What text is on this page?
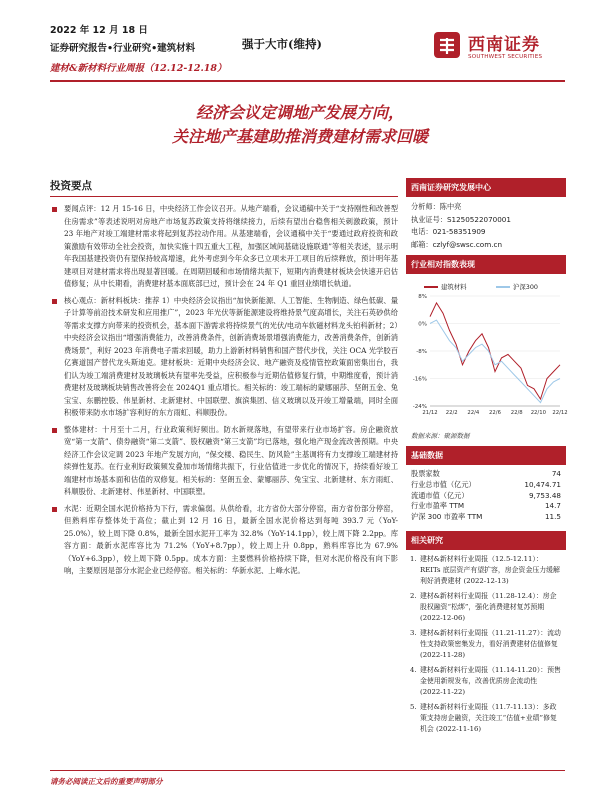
2022 年 12 月 18 日
证券研究报告•行业研究•建筑材料	强于大市(维持)
建材&新材料行业周报（12.12-12.18）
西南证券
SOUTHWEST SECURITIES
经济会议定调地产发展方向，
关注地产基建助推消费建材需求回暖
投资要点
要闻点评：12 月 15-16 日，中央经济工作会议召开。从地产端看，会议通稿中关于“支持刚性和改善型住房需求”等表述说明对房地产市场复苏政策支持将继续接力，后续有望出台稳售相关刺激政策，预计 23 年地产对竣工端建材需求将起到复苏拉动作用。从基建端看，会议通稿中关于“要通过政府投资和政策激励有效带动全社会投资，加快实施十四五重大工程，加强区域间基础设施联通”等相关表述，显示明年我国基建投资仍有望保持较高增速，此外考虑到今年众多已立项未开工项目的后续释放，预计明年基建项目对建材需求将出现显著回暖。在周期回暖和市场情绪共振下，短期内消费建材板块会快速开启估值修复；从中长期看，消费建材基本面底部已过，预计会在 24 年 Q1 重回业绩增长轨道。
核心观点：新材料板块：推荐 1）中央经济会议指出“加快新能源、人工智能、生物制造、绿色低碳、量子计算等前沿技术研发和应用推广”，2023 年光伏等新能源建设将维持景气度高增长，关注石英砂供给等需求支撑方向带来的投资机会，基本面下游需求将持续景气的光伏/电动车软磁材料龙头铂科新材；2）中央经济会议指出“增强消费能力，改善消费条件，创新消费场景增强消费能力，改善消费条件，创新消费场景”，利好 2023 年消费电子需求回暖，助力上游新材料销售和国产替代步伐，关注 OCA 光学胶百亿赛道国产替代龙头斯迪克。建材板块：近期中央经济会议、地产融资及疫情管控政策面密集出台，我们认为竣工端消费建材及玻璃板块有望率先受益，应积极参与近期估值修复行情，中期维度看，预计消费建材及玻璃板块销售改善将会在 2024Q1 重点增长。相关标的：竣工端标的蒙娜丽莎、坚朗五金、兔宝宝、东鹏控股、伟星新材、北新建材、中国联塑、旗滨集团、信义玻璃以及开竣工增量端，同时全面积极带来防水市场扩容利好的东方雨虹、科顺股份。
整体建材：十月至十二月，行业政策利好频出。防水新规落地，有望带来行业市场扩容。房企融资放宽“第一支箭”、债券融资“第二支箭”、股权融资“第三支箭”均已落地，强化地产现金流改善预期。中央经济工作会议定调 2023 年地产发展方向，“保交楼、稳民生、防风险”主基调将有力支撑竣工端建材持续弹性复苏。在行业利好政策频发叠加市场情绪共振下，行业估值进一步优化的情况下，持续看好竣工端建材市场基本面和估值的双修复。相关标的：坚朗五金、蒙娜丽莎、兔宝宝、北新建材、东方雨虹、科顺股份、北新建材、伟星新材、中国联塑。
水泥：近期全国水泥价格持为下行，需求偏弱。从供给看，北方省份大部分停窑，南方省份部分停窑，但熟料库存整体处于高位；截止到 12 月 16 日，最新全国水泥价格达到每吨 393.7 元（YoY-25.0%），较上周下降 0.8%，最新全国水泥开工率为 32.8%（YoY-14.1pp），较上周下降 2.2pp。库容方面：最新水泥库容比为 71.2%（YoY+8.7pp），较上周上升 0.8pp，熟料库容比为 67.9%（YoY+6.3pp），较上周下降 0.5pp。成本方面：主要燃料价格持续下降，但对水泥价格没有向下影响，主要原因是部分水泥企业已经停窑。相关标的：华新水泥、上峰水泥。
西南证券研究发展中心
分析师：陈中亮
执业证号：S1250522070001
电话：021-58351909
邮箱：czlyf@swsc.com.cn
行业相对指数表现
建筑材料	沪深300
8%
0%
-8%
-16%
-24%
21/12 22/2 22/4 22/6 22/8 22/10 22/12
数据来源：聚源数据
基础数据
股票家数	74
行业总市值（亿元）	10,474.71
流通市值（亿元）	9,753.48
行业市盈率 TTM	14.7
沪深 300 市盈率 TTM	11.5
相关研究
1. 建材&新材料行业周报（12.5-12.11）：REITs 底层资产有望扩容，房企资金压力缓解利好消费建材 (2022-12-13)
2. 建材&新材料行业周报（11.28-12.4）：房企股权融资“松绑”，强化消费建材复苏预期 (2022-12-06)
3. 建材&新材料行业周报（11.21-11.27）：流动性支持政策密集发力，看好消费建材估值修复 (2022-11-28)
4. 建材&新材料行业周报（11.14-11.20）：预售金使用新规发布，改善优质房企流动性 (2022-11-22)
5. 建材&新材料行业周报（11.7-11.13）：多政策支持房企融资，关注竣工“估值+业绩”修复机会 (2022-11-16)
请务必阅读正文后的重要声明部分
